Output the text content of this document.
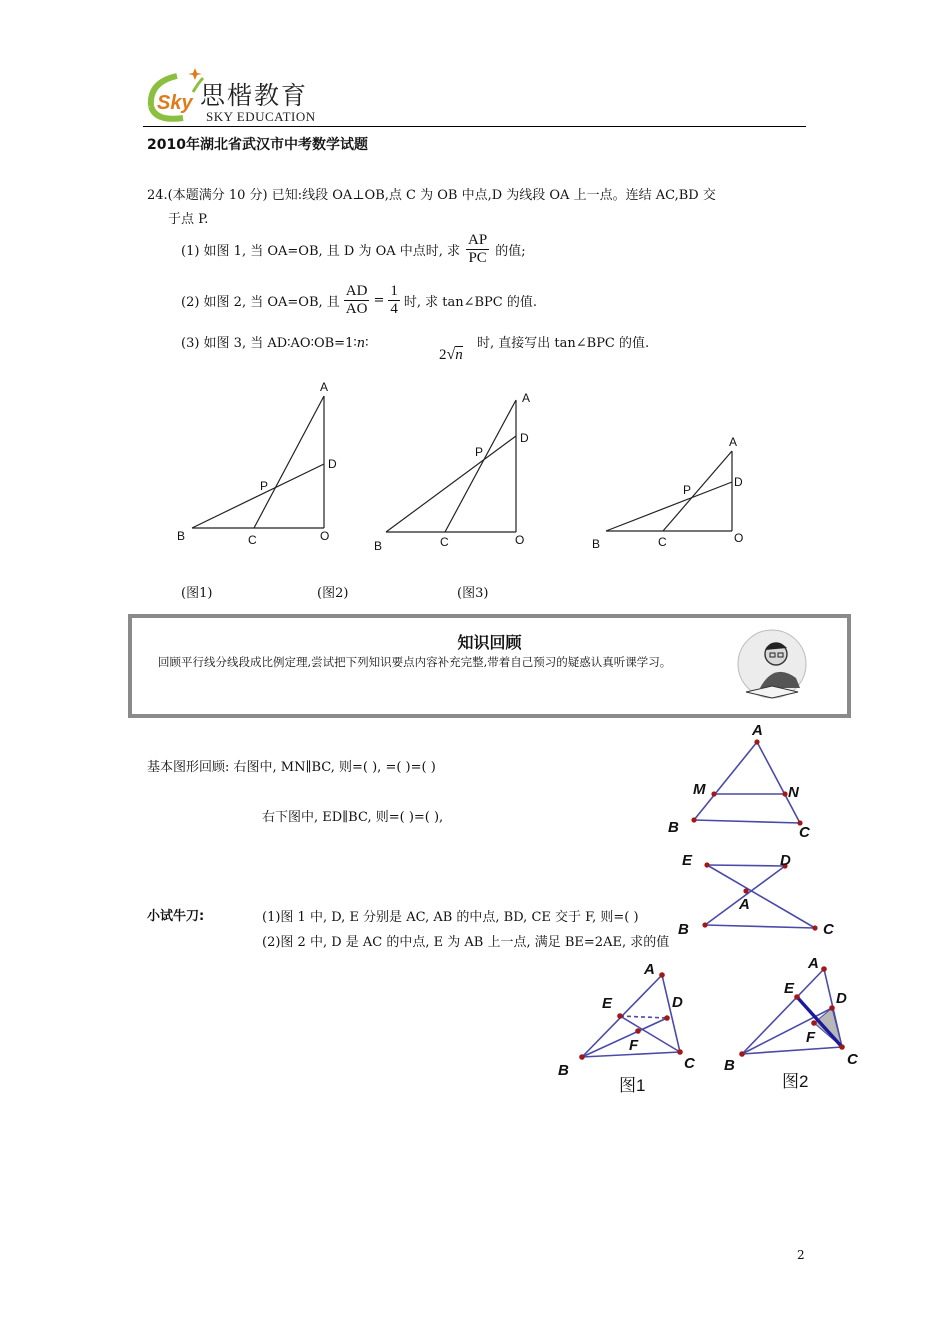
Sky 思楷教育
SKY EDUCATION
2010年湖北省武汉市中考数学试题
24.(本题满分 10 分) 已知:线段 OA⊥OB,点 C 为 OB 中点,D 为线段 OA 上一点。连结 AC,BD 交
于点 P.
(1) 如图 1, 当 OA=OB, 且 D 为 OA 中点时, 求 $\frac{AP}{PC}$ 的值;
(2) 如图 2, 当 OA=OB, 且 $\frac{AD}{AO} = \frac{1}{4}$ 时, 求 tan∠BPC 的值.
(3) 如图 3, 当 AD∶AO∶OB=1∶n∶
2√n
时, 直接写出 tan∠BPC 的值.
A
D
P
B	C	O
A
D
P
B	C	O
A
D
P
B	C	O
(图1)	(图2)	(图3)
知识回顾
回顾平行线分线段成比例定理,尝试把下列知识要点内容补充完整,带着自己预习的疑惑认真听课学习。
基本图形回顾: 右图中, MN∥BC, 则=( ), =( )=( )
右下图中, ED∥BC, 则=( )=( ),
A
M	N
B	C
E	D
A
B	C
小试牛刀:	(1)图 1 中, D, E 分别是 AC, AB 的中点, BD, CE 交于 F, 则=( )
(2)图 2 中, D 是 AC 的中点, E 为 AB 上一点, 满足 BE=2AE, 求的值
A
E	D
F
B	C
A
E
D
F
B	C
图1	图2
2
